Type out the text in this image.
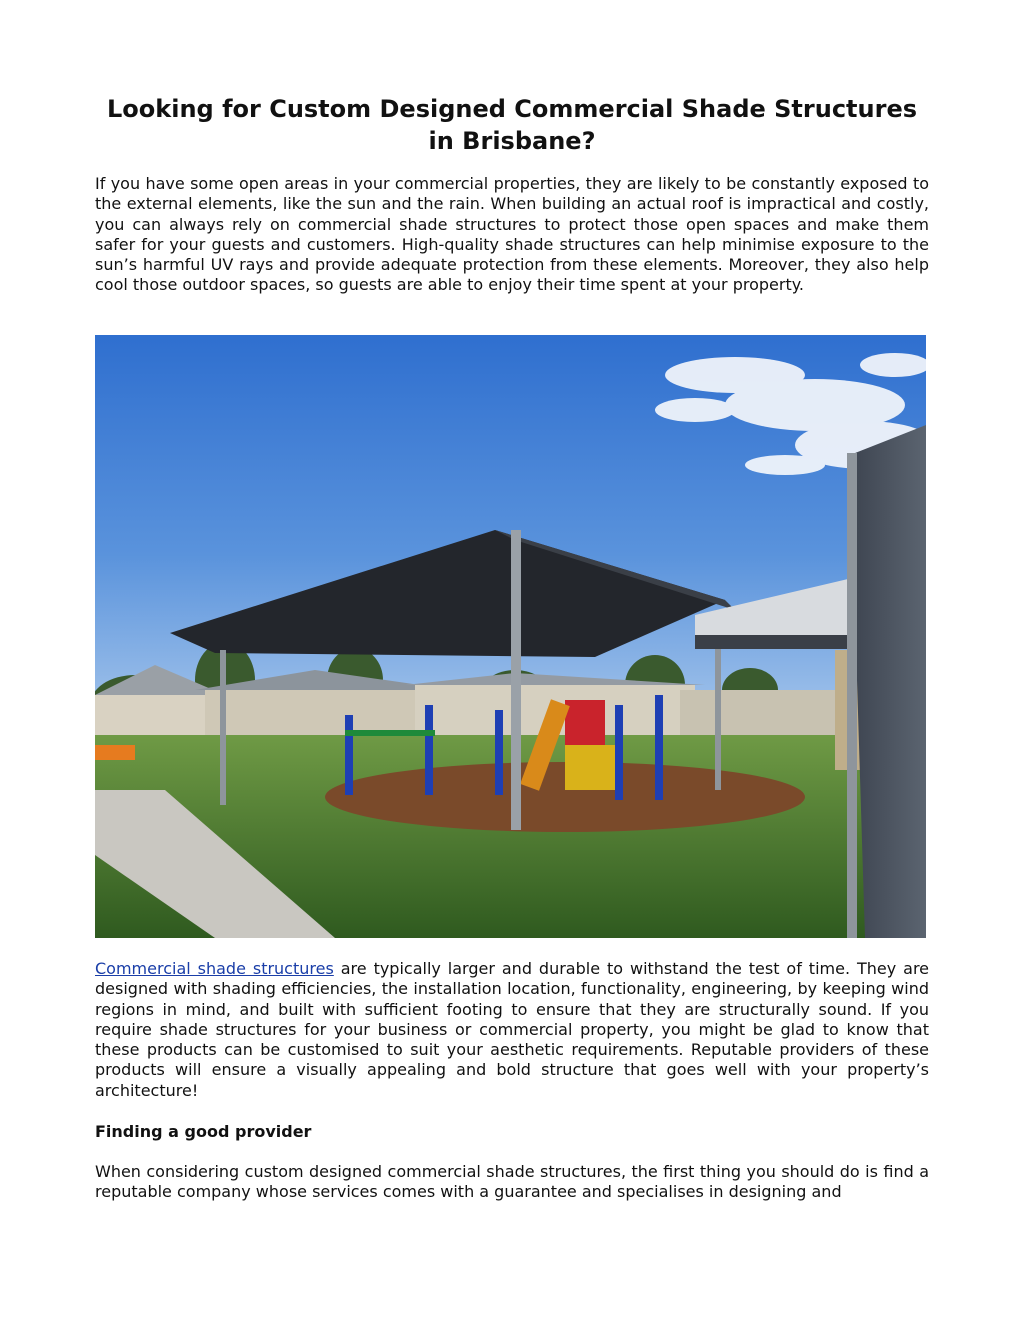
Looking for Custom Designed Commercial Shade Structures in Brisbane?

If you have some open areas in your commercial properties, they are likely to be constantly exposed to the external elements, like the sun and the rain. When building an actual roof is impractical and costly, you can always rely on commercial shade structures to protect those open spaces and make them safer for your guests and customers. High-quality shade structures can help minimise exposure to the sun’s harmful UV rays and provide adequate protection from these elements. Moreover, they also help cool those outdoor spaces, so guests are able to enjoy their time spent at your property.

Commercial shade structures are typically larger and durable to withstand the test of time. They are designed with shading efficiencies, the installation location, functionality, engineering, by keeping wind regions in mind, and built with sufficient footing to ensure that they are structurally sound. If you require shade structures for your business or commercial property, you might be glad to know that these products can be customised to suit your aesthetic requirements. Reputable providers of these products will ensure a visually appealing and bold structure that goes well with your property’s architecture!

Finding a good provider

When considering custom designed commercial shade structures, the first thing you should do is find a reputable company whose services comes with a guarantee and specialises in designing and
